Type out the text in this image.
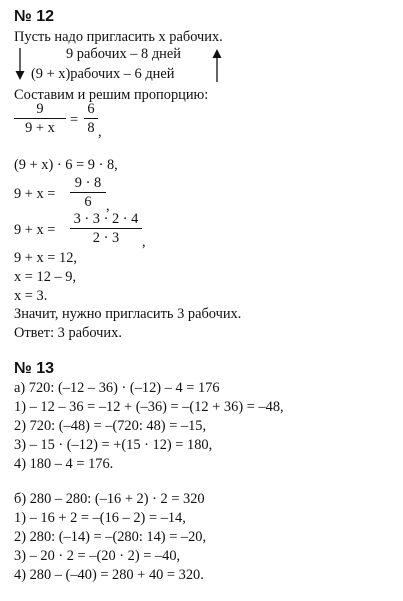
№ 12
Пусть надо пригласить x рабочих.
9 рабочих – 8 дней
(9 + x)рабочих – 6 дней
Составим и решим пропорцию:
9
9 + x	=
6
8 ,
(9 + x) · 6 = 9 · 8,
9 + x =
9 · 8
6	,
9 + x =
3 · 3 · 2 · 4
2 · 3	,
9 + x = 12,
x = 12 – 9,
x = 3.
Значит, нужно пригласить 3 рабочих.
Ответ: 3 рабочих.
№ 13
а) 720: (–12 – 36) · (–12) – 4 = 176
1) – 12 – 36 = –12 + (–36) = –(12 + 36) = –48,
2) 720: (–48) = –(720: 48) = –15,
3) – 15 · (–12) = +(15 · 12) = 180,
4) 180 – 4 = 176.
б) 280 – 280: (–16 + 2) · 2 = 320
1) – 16 + 2 = –(16 – 2) = –14,
2) 280: (–14) = –(280: 14) = –20,
3) – 20 · 2 = –(20 · 2) = –40,
4) 280 – (–40) = 280 + 40 = 320.
